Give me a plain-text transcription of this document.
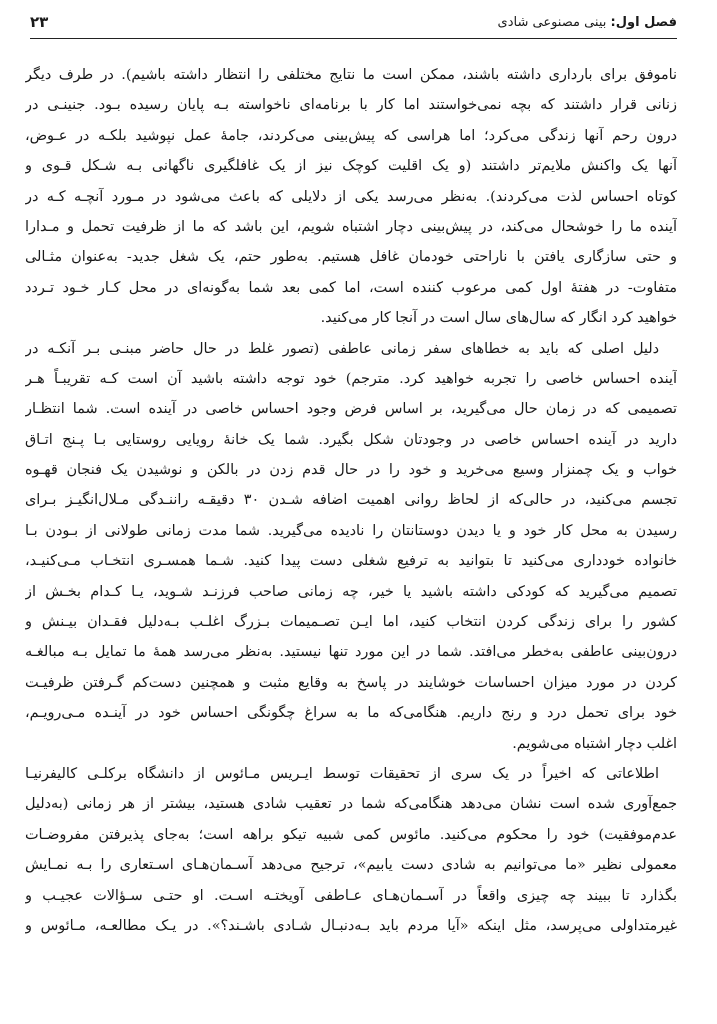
فصل اول: بینی مصنوعی شادی
۲۳
ناموفق برای بارداری داشته باشند، ممکن است ما نتایج مختلفی را انتظار داشته باشیم). در طرف دیگر
زنانی قرار داشتند که بچه نمی‌خواستند اما کار با برنامه‌ای ناخواسته بـه پایان رسیده بـود. جنینـی در
درون رحم آنها زندگی می‌کرد؛ اما هراسی که پیش‌بینی می‌کردند، جامهٔ عمل نپوشید بلکـه در عـوض،
آنها یک واکنش ملایم‌تر داشتند (و یک اقلیت کوچک نیز از یک غافلگیری ناگهانی بـه شـکل قـوی و
کوتاه احساس لذت می‌کردند). به‌نظر می‌رسد یکی از دلایلی که باعث می‌شود در مـورد آنچـه کـه در
آینده ما را خوشحال می‌کند، در پیش‌بینی دچار اشتباه شویم، این باشد که ما از ظرفیت تحمل و مـدارا
و حتی سازگاری یافتن با ناراحتی خودمان غافل هستیم. به‌طور حتم، یک شغل جدید- به‌عنوان مثـالی
متفاوت- در هفتهٔ اول کمی مرعوب کننده است، اما کمی بعد شما به‌گونه‌ای در محل کـار خـود تـردد
خواهید کرد انگار که سال‌های سال است در آنجا کار می‌کنید.
دلیل اصلی که باید به خطاهای سفر زمانی عاطفی (تصور غلط در حال حاضر مبنـی بـر آنکـه در
آینده احساس خاصی را تجربه خواهید کرد. مترجم) خود توجه داشته باشید آن است کـه تقریبـاً هـر
تصمیمی که در زمان حال می‌گیرید، بر اساس فرض وجود احساس خاصی در آینده است. شما انتظـار
دارید در آینده احساس خاصی در وجودتان شکل بگیرد. شما یک خانهٔ رویایی روستایی بـا پـنج اتـاق
خواب و یک چمنزار وسیع می‌خرید و خود را در حال قدم زدن در بالکن و نوشیدن یک فنجان قهـوه
تجسم می‌کنید، در حالی‌که از لحاظ روانی اهمیت اضافه شـدن ۳۰ دقیقـه راننـدگی مـلال‌انگیـز بـرای
رسیدن به محل کار خود و یا دیدن دوستانتان را نادیده می‌گیرید. شما مدت زمانی طولانی از بـودن بـا
خانواده خودداری می‌کنید تا بتوانید به ترفیع شغلی دست پیدا کنید. شـما همسـری انتخـاب مـی‌کنیـد،
تصمیم می‌گیرید که کودکی داشته باشید یا خیر، چه زمانی صاحب فرزنـد شـوید، یـا کـدام بخـش از
کشور را برای زندگی کردن انتخاب کنید، اما ایـن تصـمیمات بـزرگ اغلـب بـه‌دلیل فقـدان بیـنش و
درون‌بینی عاطفی به‌خطر می‌افتد. شما در این مورد تنها نیستید. به‌نظر می‌رسد همهٔ ما تمایل بـه مبالغـه
کردن در مورد میزان احساسات خوشایند در پاسخ به وقایع مثبت و همچنین دست‌کم گـرفتن ظرفیـت
خود برای تحمل درد و رنج داریم. هنگامی‌که ما به سراغ چگونگی احساس خود در آینـده مـی‌رویـم،
اغلب دچار اشتباه می‌شویم.
اطلاعاتی که اخیراً در یک سری از تحقیقات توسط ایـریس مـائوس از دانشگاه برکلـی کالیفرنیـا
جمع‌آوری شده است نشان می‌دهد هنگامی‌که شما در تعقیب شادی هستید، بیشتر از هر زمانی (به‌دلیل
عدم‌موفقیت) خود را محکوم می‌کنید. مائوس کمی شبیه تیکو براهه است؛ به‌جای پذیرفتن مفروضـات
معمولی نظیر «ما می‌توانیم به شادی دست یابیم»، ترجیح می‌دهد آسـمان‌هـای اسـتعاری را بـه نمـایش
بگذارد تا ببیند چه چیزی واقعاً در آسـمان‌هـای عـاطفی آویختـه اسـت. او حتـی سـؤالات عجیـب و
غیرمتداولی می‌پرسد، مثل اینکه «آیا مردم باید بـه‌دنبـال شـادی باشـند؟». در یـک مطالعـه، مـائوس و
